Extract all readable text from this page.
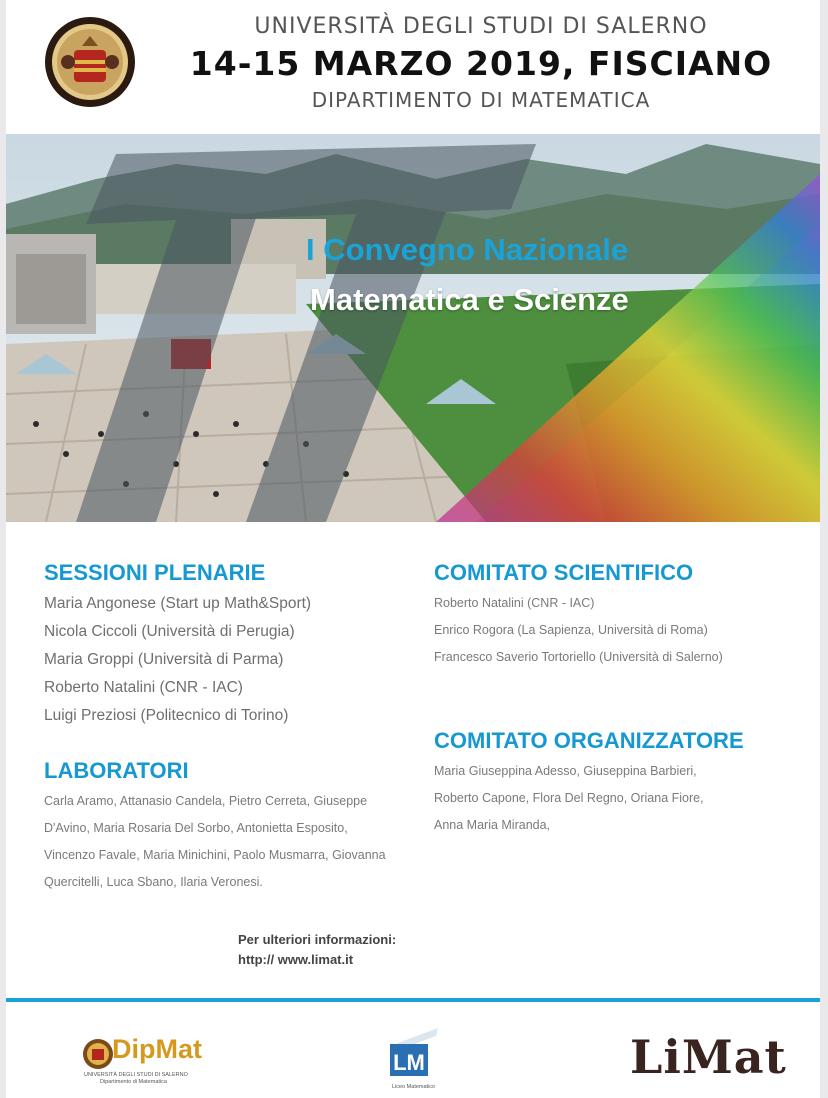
UNIVERSITÀ DEGLI STUDI DI SALERNO
14-15 MARZO 2019, FISCIANO
DIPARTIMENTO DI MATEMATICA
I Convegno Nazionale
Matematica e Scienze
SESSIONI PLENARIE
Maria Angonese (Start up Math&Sport)
Nicola Ciccoli (Università di Perugia)
Maria Groppi (Università di Parma)
Roberto Natalini (CNR - IAC)
Luigi Preziosi (Politecnico di Torino)
LABORATORI
Carla Aramo, Attanasio Candela, Pietro Cerreta, Giuseppe
D'Avino, Maria Rosaria Del Sorbo, Antonietta Esposito,
Vincenzo Favale, Maria Minichini, Paolo Musmarra, Giovanna
Quercitelli, Luca Sbano, Ilaria Veronesi.
COMITATO SCIENTIFICO
Roberto Natalini (CNR - IAC)
Enrico Rogora (La Sapienza, Università di Roma)
Francesco Saverio Tortoriello (Università di Salerno)
COMITATO ORGANIZZATORE
Maria Giuseppina Adesso, Giuseppina Barbieri,
Roberto Capone, Flora Del Regno, Oriana Fiore,
Anna Maria Miranda,
Per ulteriori informazioni:
http:// www.limat.it
DipMat
UNIVERSITÀ DEGLI STUDI DI SALERNO
Dipartimento di Matematica
LM
Liceo Matematico
LiMat
